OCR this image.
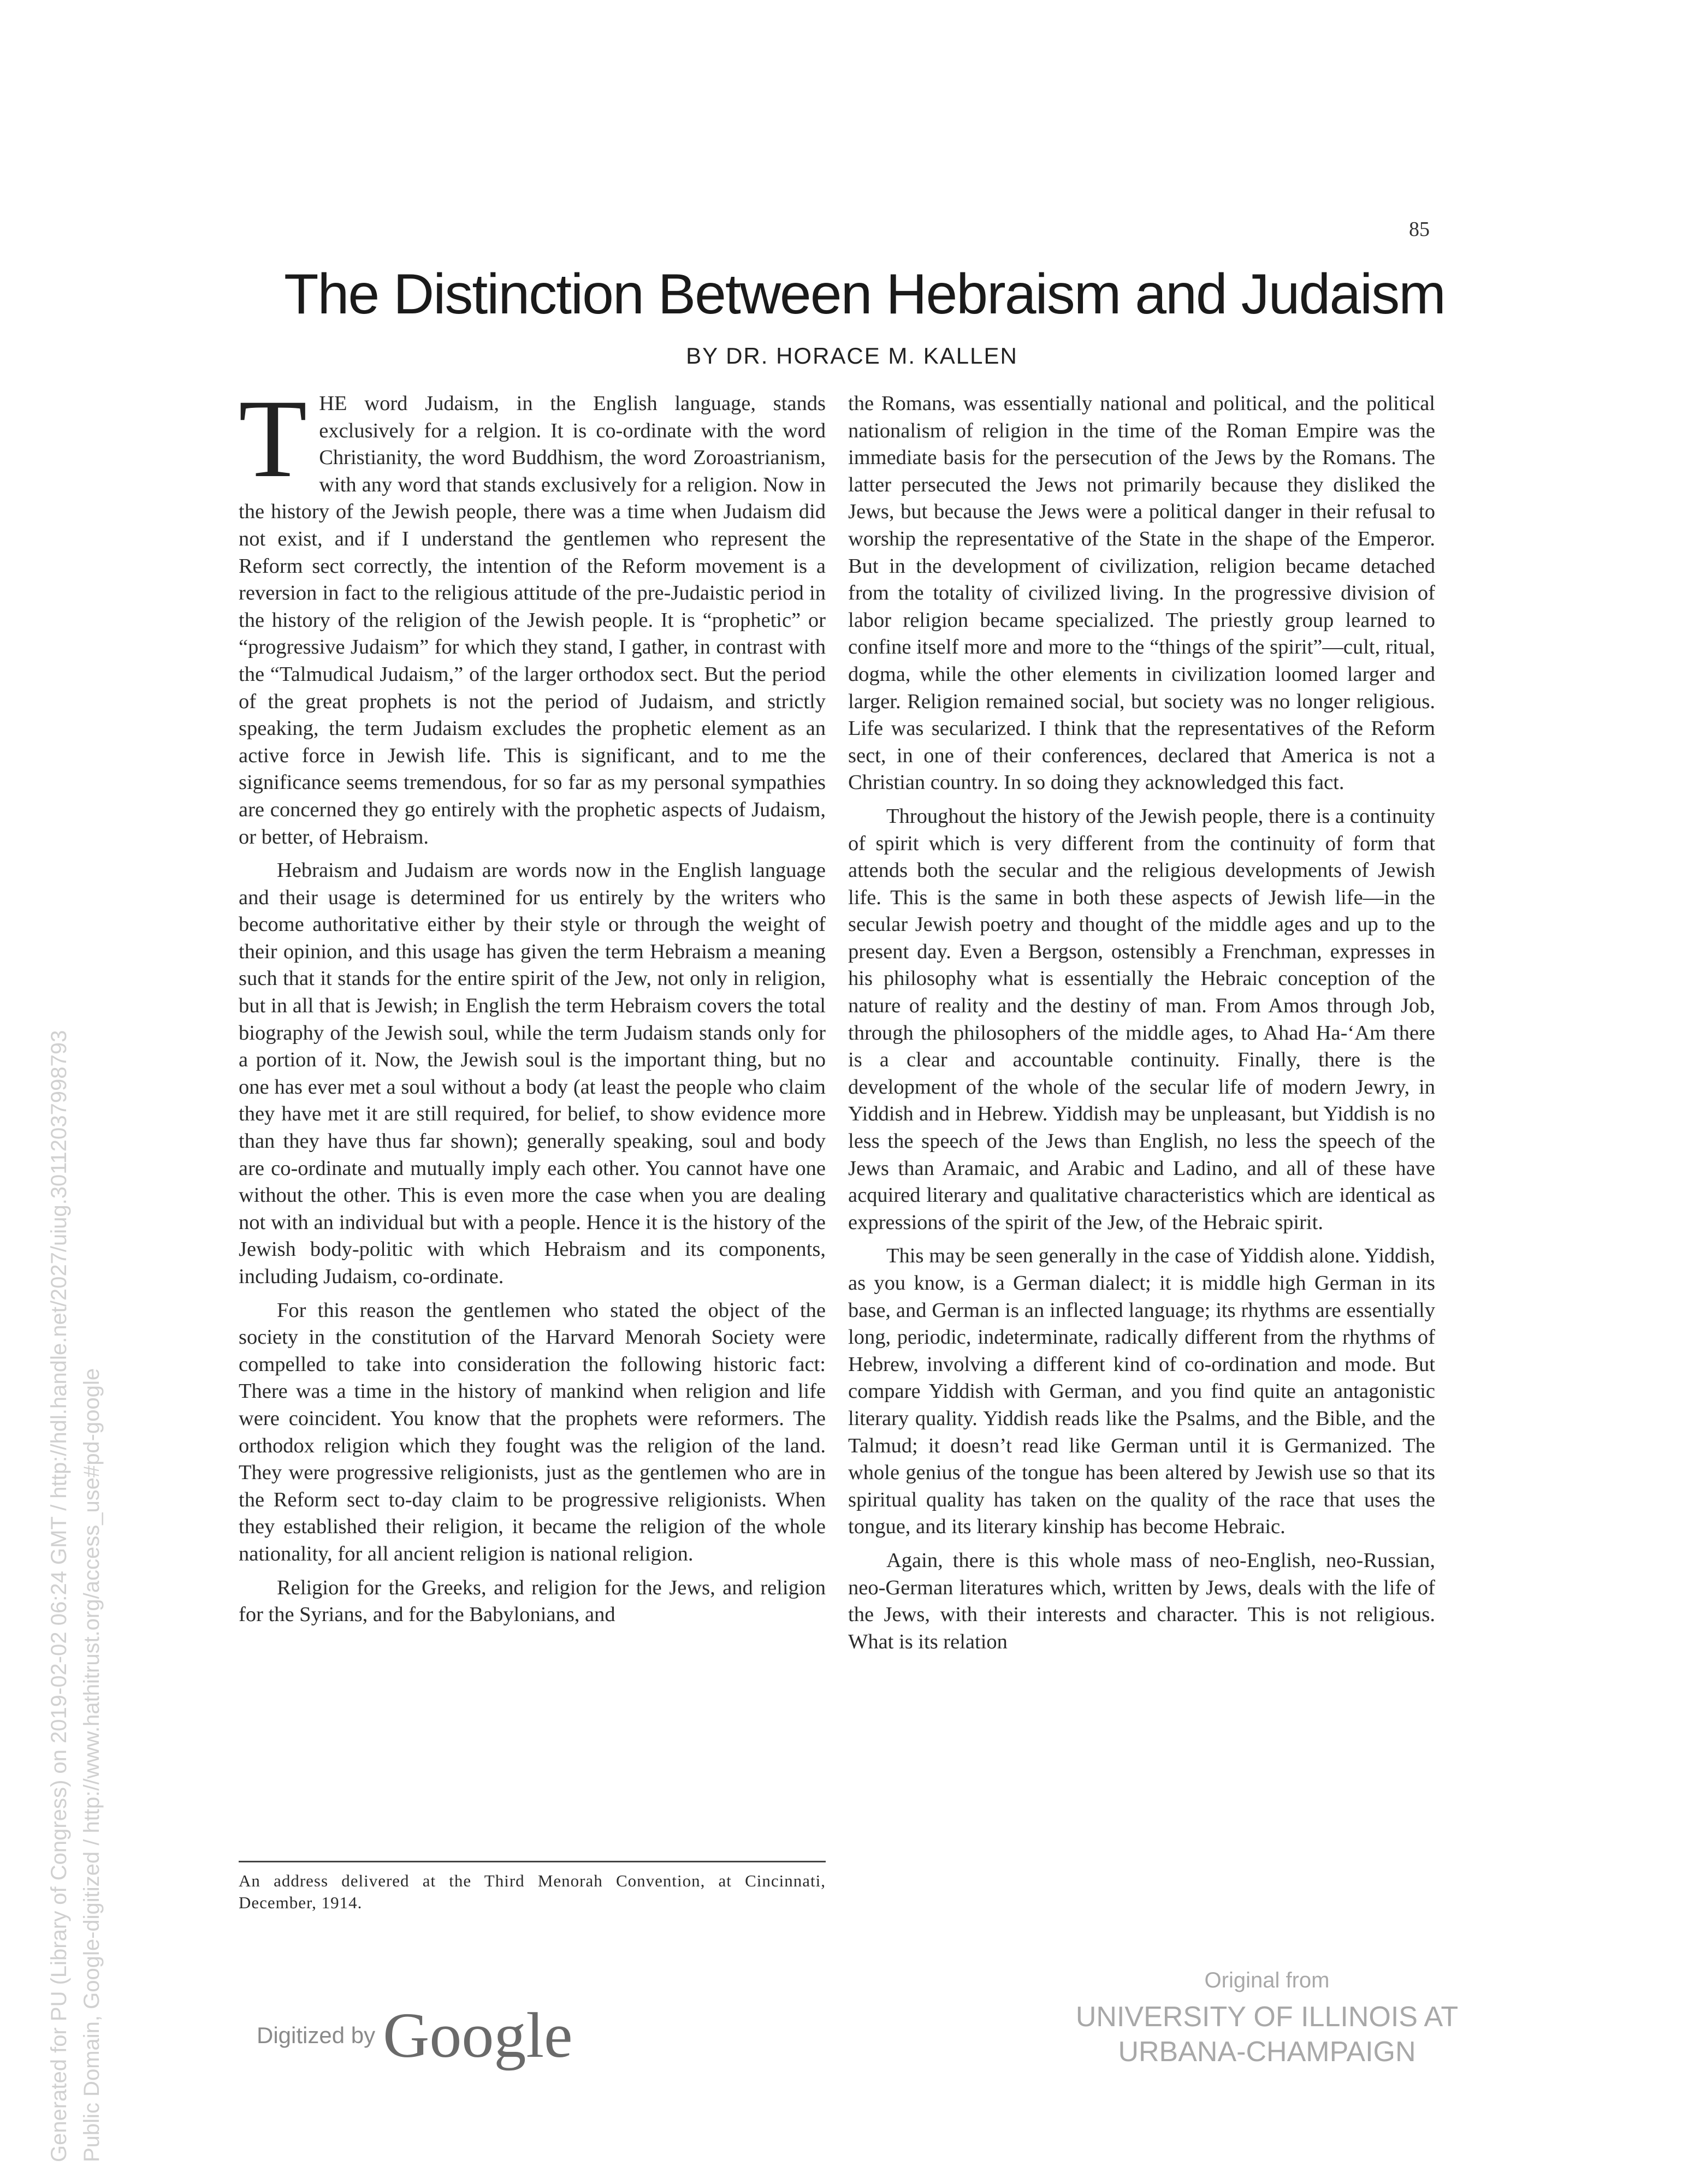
85
The Distinction Between Hebraism and Judaism
BY DR. HORACE M. KALLEN

THE word Judaism, in the English language, stands exclusively for a relgion. It is co-ordinate with the word Christianity, the word Buddhism, the word Zoroastrianism, with any word that stands exclusively for a religion. Now in the history of the Jewish people, there was a time when Judaism did not exist, and if I understand the gentlemen who represent the Reform sect correctly, the intention of the Reform movement is a reversion in fact to the religious attitude of the pre-Judaistic period in the history of the religion of the Jewish people. It is “prophetic” or “progressive Judaism” for which they stand, I gather, in contrast with the “Talmudical Judaism,” of the larger orthodox sect. But the period of the great prophets is not the period of Judaism, and strictly speaking, the term Judaism excludes the prophetic element as an active force in Jewish life. This is significant, and to me the significance seems tremendous, for so far as my personal sympathies are concerned they go entirely with the prophetic aspects of Judaism, or better, of Hebraism.

Hebraism and Judaism are words now in the English language and their usage is determined for us entirely by the writers who become authoritative either by their style or through the weight of their opinion, and this usage has given the term Hebraism a meaning such that it stands for the entire spirit of the Jew, not only in religion, but in all that is Jewish; in English the term Hebraism covers the total biography of the Jewish soul, while the term Judaism stands only for a portion of it. Now, the Jewish soul is the important thing, but no one has ever met a soul without a body (at least the people who claim they have met it are still required, for belief, to show evidence more than they have thus far shown); generally speaking, soul and body are co-ordinate and mutually imply each other. You cannot have one without the other. This is even more the case when you are dealing not with an individual but with a people. Hence it is the history of the Jewish body-politic with which Hebraism and its components, including Judaism, co-ordinate.

For this reason the gentlemen who stated the object of the society in the constitution of the Harvard Menorah Society were compelled to take into consideration the following historic fact: There was a time in the history of mankind when religion and life were coincident. You know that the prophets were reformers. The orthodox religion which they fought was the religion of the land. They were progressive religionists, just as the gentlemen who are in the Reform sect to-day claim to be progressive religionists. When they established their religion, it became the religion of the whole nationality, for all ancient religion is national religion.

Religion for the Greeks, and religion for the Jews, and religion for the Syrians, and for the Babylonians, and

the Romans, was essentially national and political, and the political nationalism of religion in the time of the Roman Empire was the immediate basis for the persecution of the Jews by the Romans. The latter persecuted the Jews not primarily because they disliked the Jews, but because the Jews were a political danger in their refusal to worship the representative of the State in the shape of the Emperor. But in the development of civilization, religion became detached from the totality of civilized living. In the progressive division of labor religion became specialized. The priestly group learned to confine itself more and more to the “things of the spirit”—cult, ritual, dogma, while the other elements in civilization loomed larger and larger. Religion remained social, but society was no longer religious. Life was secularized. I think that the representatives of the Reform sect, in one of their conferences, declared that America is not a Christian country. In so doing they acknowledged this fact.

Throughout the history of the Jewish people, there is a continuity of spirit which is very different from the continuity of form that attends both the secular and the religious developments of Jewish life. This is the same in both these aspects of Jewish life—in the secular Jewish poetry and thought of the middle ages and up to the present day. Even a Bergson, ostensibly a Frenchman, expresses in his philosophy what is essentially the Hebraic conception of the nature of reality and the destiny of man. From Amos through Job, through the philosophers of the middle ages, to Ahad Ha-‘Am there is a clear and accountable continuity. Finally, there is the development of the whole of the secular life of modern Jewry, in Yiddish and in Hebrew. Yiddish may be unpleasant, but Yiddish is no less the speech of the Jews than English, no less the speech of the Jews than Aramaic, and Arabic and Ladino, and all of these have acquired literary and qualitative characteristics which are identical as expressions of the spirit of the Jew, of the Hebraic spirit.

This may be seen generally in the case of Yiddish alone. Yiddish, as you know, is a German dialect; it is middle high German in its base, and German is an inflected language; its rhythms are essentially long, periodic, indeterminate, radically different from the rhythms of Hebrew, involving a different kind of co-ordination and mode. But compare Yiddish with German, and you find quite an antagonistic literary quality. Yiddish reads like the Psalms, and the Bible, and the Talmud; it doesn’t read like German until it is Germanized. The whole genius of the tongue has been altered by Jewish use so that its spiritual quality has taken on the quality of the race that uses the tongue, and its literary kinship has become Hebraic.

Again, there is this whole mass of neo-English, neo-Russian, neo-German literatures which, written by Jews, deals with the life of the Jews, with their interests and character. This is not religious. What is its relation

An address delivered at the Third Menorah Convention, at Cincinnati, December, 1914.
Digitized by Google
Original from
UNIVERSITY OF ILLINOIS AT
URBANA-CHAMPAIGN
Generated for PU (Library of Congress) on 2019-02-02 06:24 GMT / http://hdl.handle.net/2027/uiug.30112037998793 Public Domain, Google-digitized / http://www.hathitrust.org/access_use#pd-google
